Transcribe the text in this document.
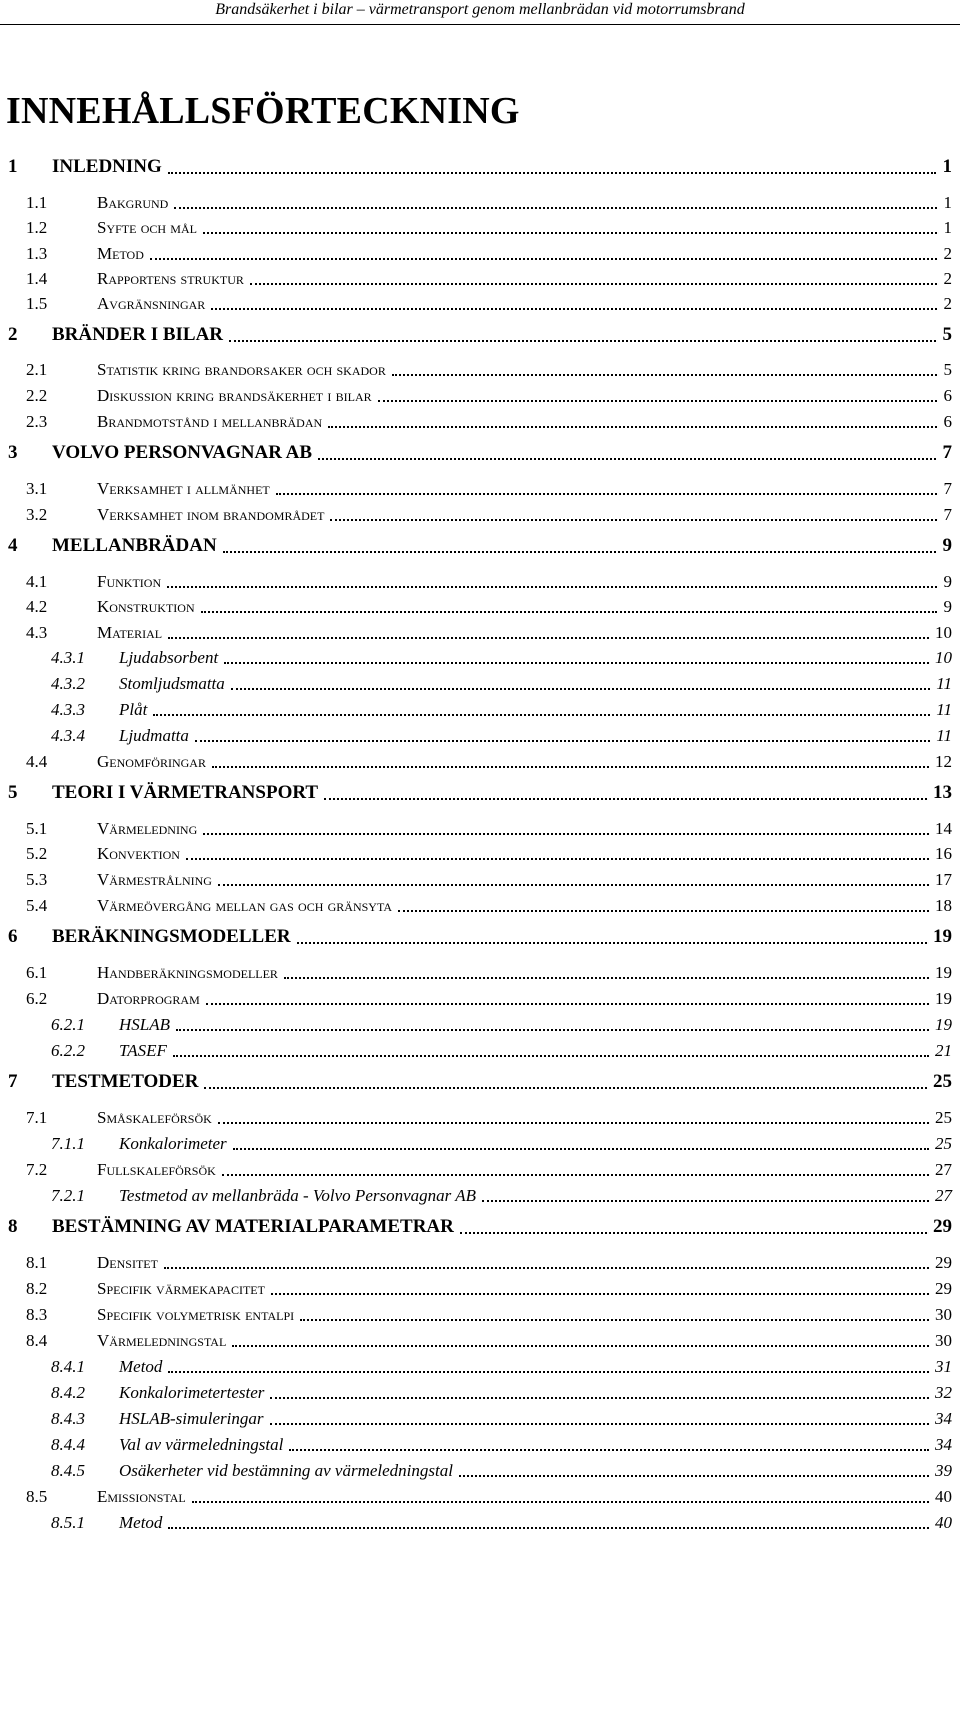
Brandsäkerhet i bilar – värmetransport genom mellanbrädan vid motorrumsbrand
INNEHÅLLSFÖRTECKNING
1 INLEDNING	1
1.1	Bakgrund	1
1.2	Syfte och mål	1
1.3	Metod	2
1.4	Rapportens struktur	2
1.5	Avgränsningar	2
2 BRÄNDER I BILAR	5
2.1	Statistik kring brandorsaker och skador	5
2.2	Diskussion kring brandsäkerhet i bilar	6
2.3	Brandmotstånd i mellanbrädan	6
3 VOLVO PERSONVAGNAR AB	7
3.1	Verksamhet i allmänhet	7
3.2	Verksamhet inom brandområdet	7
4 MELLANBRÄDAN	9
4.1	Funktion	9
4.2	Konstruktion	9
4.3	Material	10
4.3.1 Ljudabsorbent	10
4.3.2 Stomljudsmatta	11
4.3.3 Plåt	11
4.3.4 Ljudmatta	11
4.4	Genomföringar	12
5 TEORI I VÄRMETRANSPORT	13
5.1	Värmeledning	14
5.2	Konvektion	16
5.3	Värmestrålning	17
5.4	Värmeövergång mellan gas och gränsyta	18
6 BERÄKNINGSMODELLER	19
6.1	Handberäkningsmodeller	19
6.2	Datorprogram	19
6.2.1 HSLAB	19
6.2.2 TASEF	21
7 TESTMETODER	25
7.1	Småskaleförsök	25
7.1.1 Konkalorimeter	25
7.2	Fullskaleförsök	27
7.2.1 Testmetod av mellanbräda - Volvo Personvagnar AB	27
8 BESTÄMNING AV MATERIALPARAMETRAR	29
8.1	Densitet	29
8.2	Specifik värmekapacitet	29
8.3	Specifik volymetrisk entalpi	30
8.4	Värmeledningstal	30
8.4.1 Metod	31
8.4.2 Konkalorimetertester	32
8.4.3 HSLAB-simuleringar	34
8.4.4 Val av värmeledningstal	34
8.4.5 Osäkerheter vid bestämning av värmeledningstal	39
8.5	Emissionstal	40
8.5.1 Metod	40
